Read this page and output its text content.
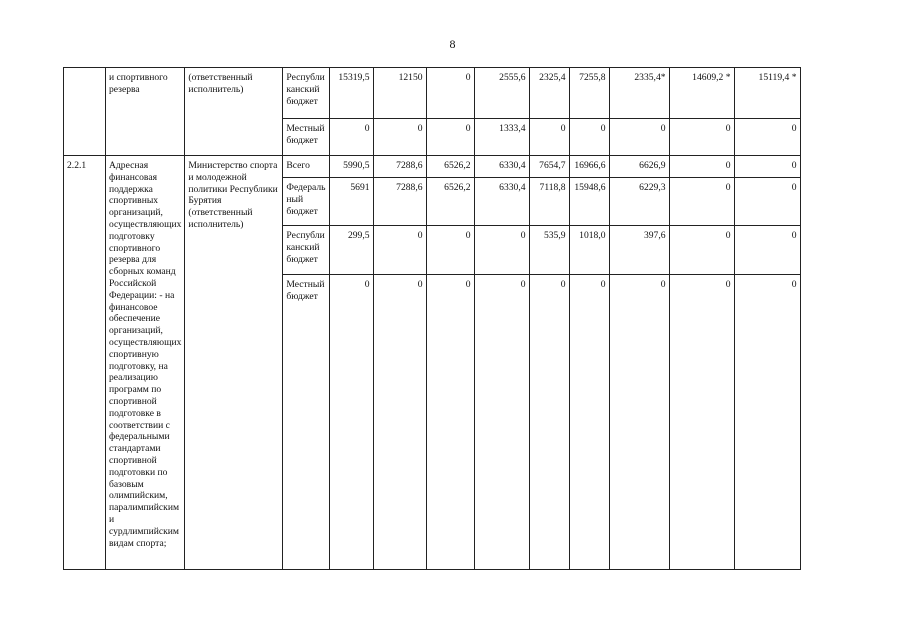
8
	и спортивного резерва	(ответственный исполнитель)	Республи канский бюджет	15319,5	12150	0	2555,6	2325,4	7255,8	2335,4*	14609,2 *	15119,4 *
			Местный бюджет	0	0	0	1333,4	0	0	0	0	0
2.2.1	Адресная финансовая поддержка спортивных организаций, осуществляющих подготовку спортивного резерва для сборных команд Российской Федерации: - на финансовое обеспечение организаций, осуществляющих спортивную подготовку, на реализацию программ по спортивной подготовке в соответствии с федеральными стандартами спортивной подготовки по базовым олимпийским, паралимпийским и сурдлимпийским видам спорта;	Министерство спорта и молодежной политики Республики Бурятия (ответственный исполнитель)	Всего	5990,5	7288,6	6526,2	6330,4	7654,7	16966,6	6626,9	0	0
			Федераль ный бюджет	5691	7288,6	6526,2	6330,4	7118,8	15948,6	6229,3	0	0
			Республи канский бюджет	299,5	0	0	0	535,9	1018,0	397,6	0	0
			Местный бюджет	0	0	0	0	0	0	0	0	0
